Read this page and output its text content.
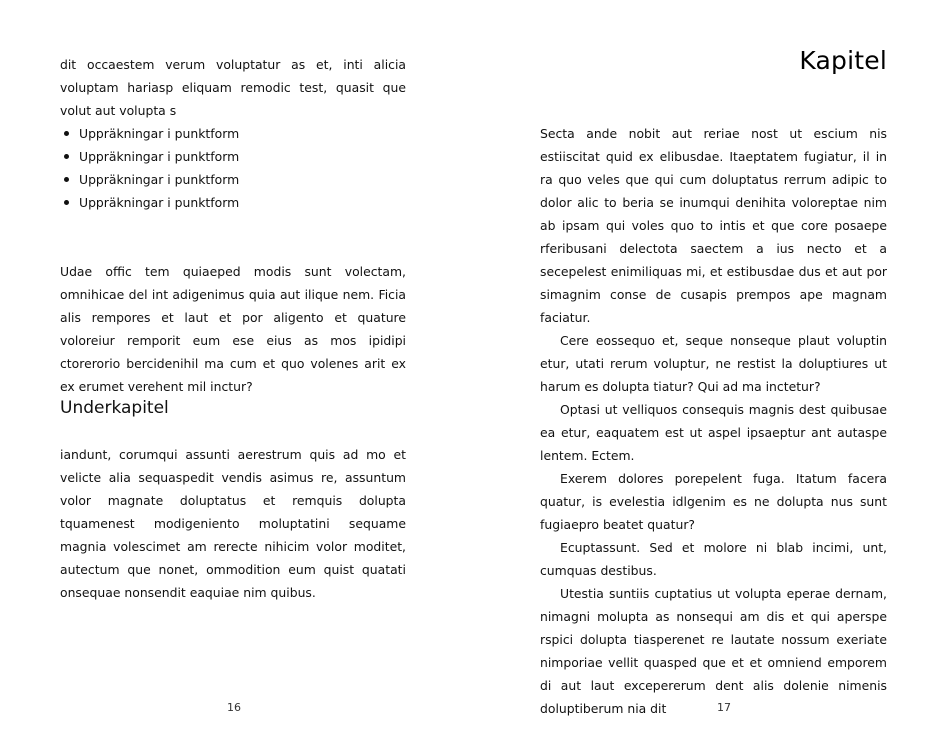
dit occaestem verum voluptatur as et, inti alicia voluptam hariasp eliquam remodic test, quasit que volut aut volupta s

Uppräkningar i punktform
Uppräkningar i punktform
Uppräkningar i punktform
Uppräkningar i punktform

Udae offic tem quiaeped modis sunt volectam, omnihicae del int adigenimus quia aut ilique nem. Ficia alis rempores et laut et por aligento et quature voloreiur remporit eum ese eius as mos ipidipi ctorerorio bercidenihil ma cum et quo volenes arit ex ex erumet verehent mil inctur?

Underkapitel

iandunt, corumqui assunti aerestrum quis ad mo et velicte alia sequaspedit vendis asimus re, assuntum volor magnate doluptatus et remquis dolupta tquamenest modigeniento moluptatini sequame magnia volescimet am rerecte nihicim volor moditet, autectum que nonet, ommodition eum quist quatati onsequae nonsendit eaquiae nim quibus.

Kapitel

Secta ande nobit aut reriae nost ut escium nis estiiscitat quid ex elibusdae. Itaeptatem fugiatur, il in ra quo veles que qui cum doluptatus rerrum adipic to dolor alic to beria se inumqui denihita voloreptae nim ab ipsam qui voles quo to intis et que core posaepe rferibusani delectota saectem a ius necto et a secepelest enimiliquas mi, et estibusdae dus et aut por simagnim conse de cusapis prempos ape magnam faciatur.

Cere eossequo et, seque nonseque plaut voluptin etur, utati rerum voluptur, ne restist la doluptiures ut harum es dolupta tiatur? Qui ad ma inctetur?

Optasi ut velliquos consequis magnis dest quibusae ea etur, eaquatem est ut aspel ipsaeptur ant autaspe lentem. Ectem.

Exerem dolores porepelent fuga. Itatum facera quatur, is evelestia idlgenim es ne dolupta nus sunt fugiaepro beatet quatur?

Ecuptassunt. Sed et molore ni blab incimi, unt, cumquas destibus.

Utestia suntiis cuptatius ut volupta eperae dernam, nimagni molupta as nonsequi am dis et qui aperspe rspici dolupta tiasperenet re lautate nossum exeriate nimporiae vellit quasped que et et omniend emporem di aut laut excepererum dent alis dolenie nimenis doluptiberum nia dit

16	17
